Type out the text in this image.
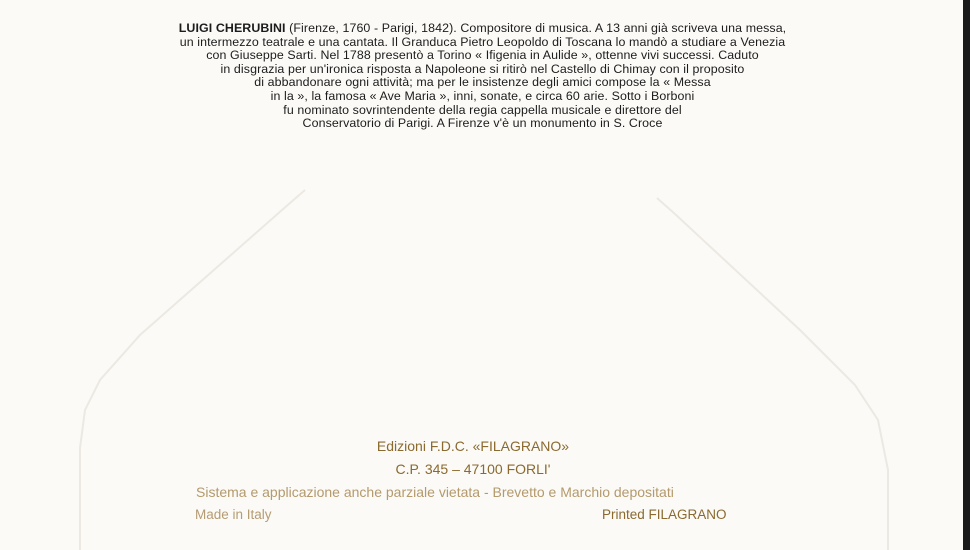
LUIGI CHERUBINI (Firenze, 1760 - Parigi, 1842). Compositore di musica. A 13 anni già scriveva una messa,
un intermezzo teatrale e una cantata. Il Granduca Pietro Leopoldo di Toscana lo mandò a studiare a Venezia
con Giuseppe Sarti. Nel 1788 presentò a Torino « Ifigenia in Aulide », ottenne vivi successi. Caduto
in disgrazia per un'ironica risposta a Napoleone si ritirò nel Castello di Chimay con il proposito
di abbandonare ogni attività; ma per le insistenze degli amici compose la « Messa
in la », la famosa « Ave Maria », inni, sonate, e circa 60 arie. Sotto i Borboni
fu nominato sovrintendente della regia cappella musicale e direttore del
Conservatorio di Parigi. A Firenze v'è un monumento in S. Croce
Edizioni F.D.C. «FILAGRANO»
C.P. 345 – 47100 FORLI'
Sistema e applicazione anche parziale vietata - Brevetto e Marchio depositati
Made in Italy	Printed FILAGRANO
